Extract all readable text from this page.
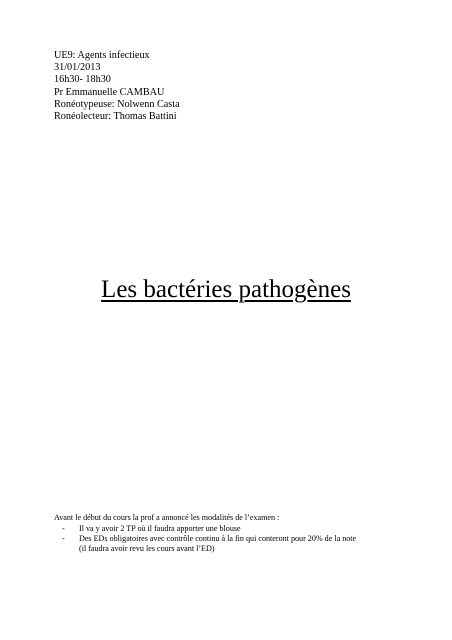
UE9: Agents infectieux
31/01/2013
16h30- 18h30
Pr Emmanuelle CAMBAU
Ronéotypeuse: Nolwenn Casta
Ronéolecteur: Thomas Battini
Les bactéries pathogènes
Avant le début du cours la prof a annoncé les modalités de l’examen :
- Il va y avoir 2 TP où il faudra apporter une blouse
- Des EDs obligatoires avec contrôle continu à la fin qui conteront pour 20% de la note
(il faudra avoir revu les cours avant l’ED)
